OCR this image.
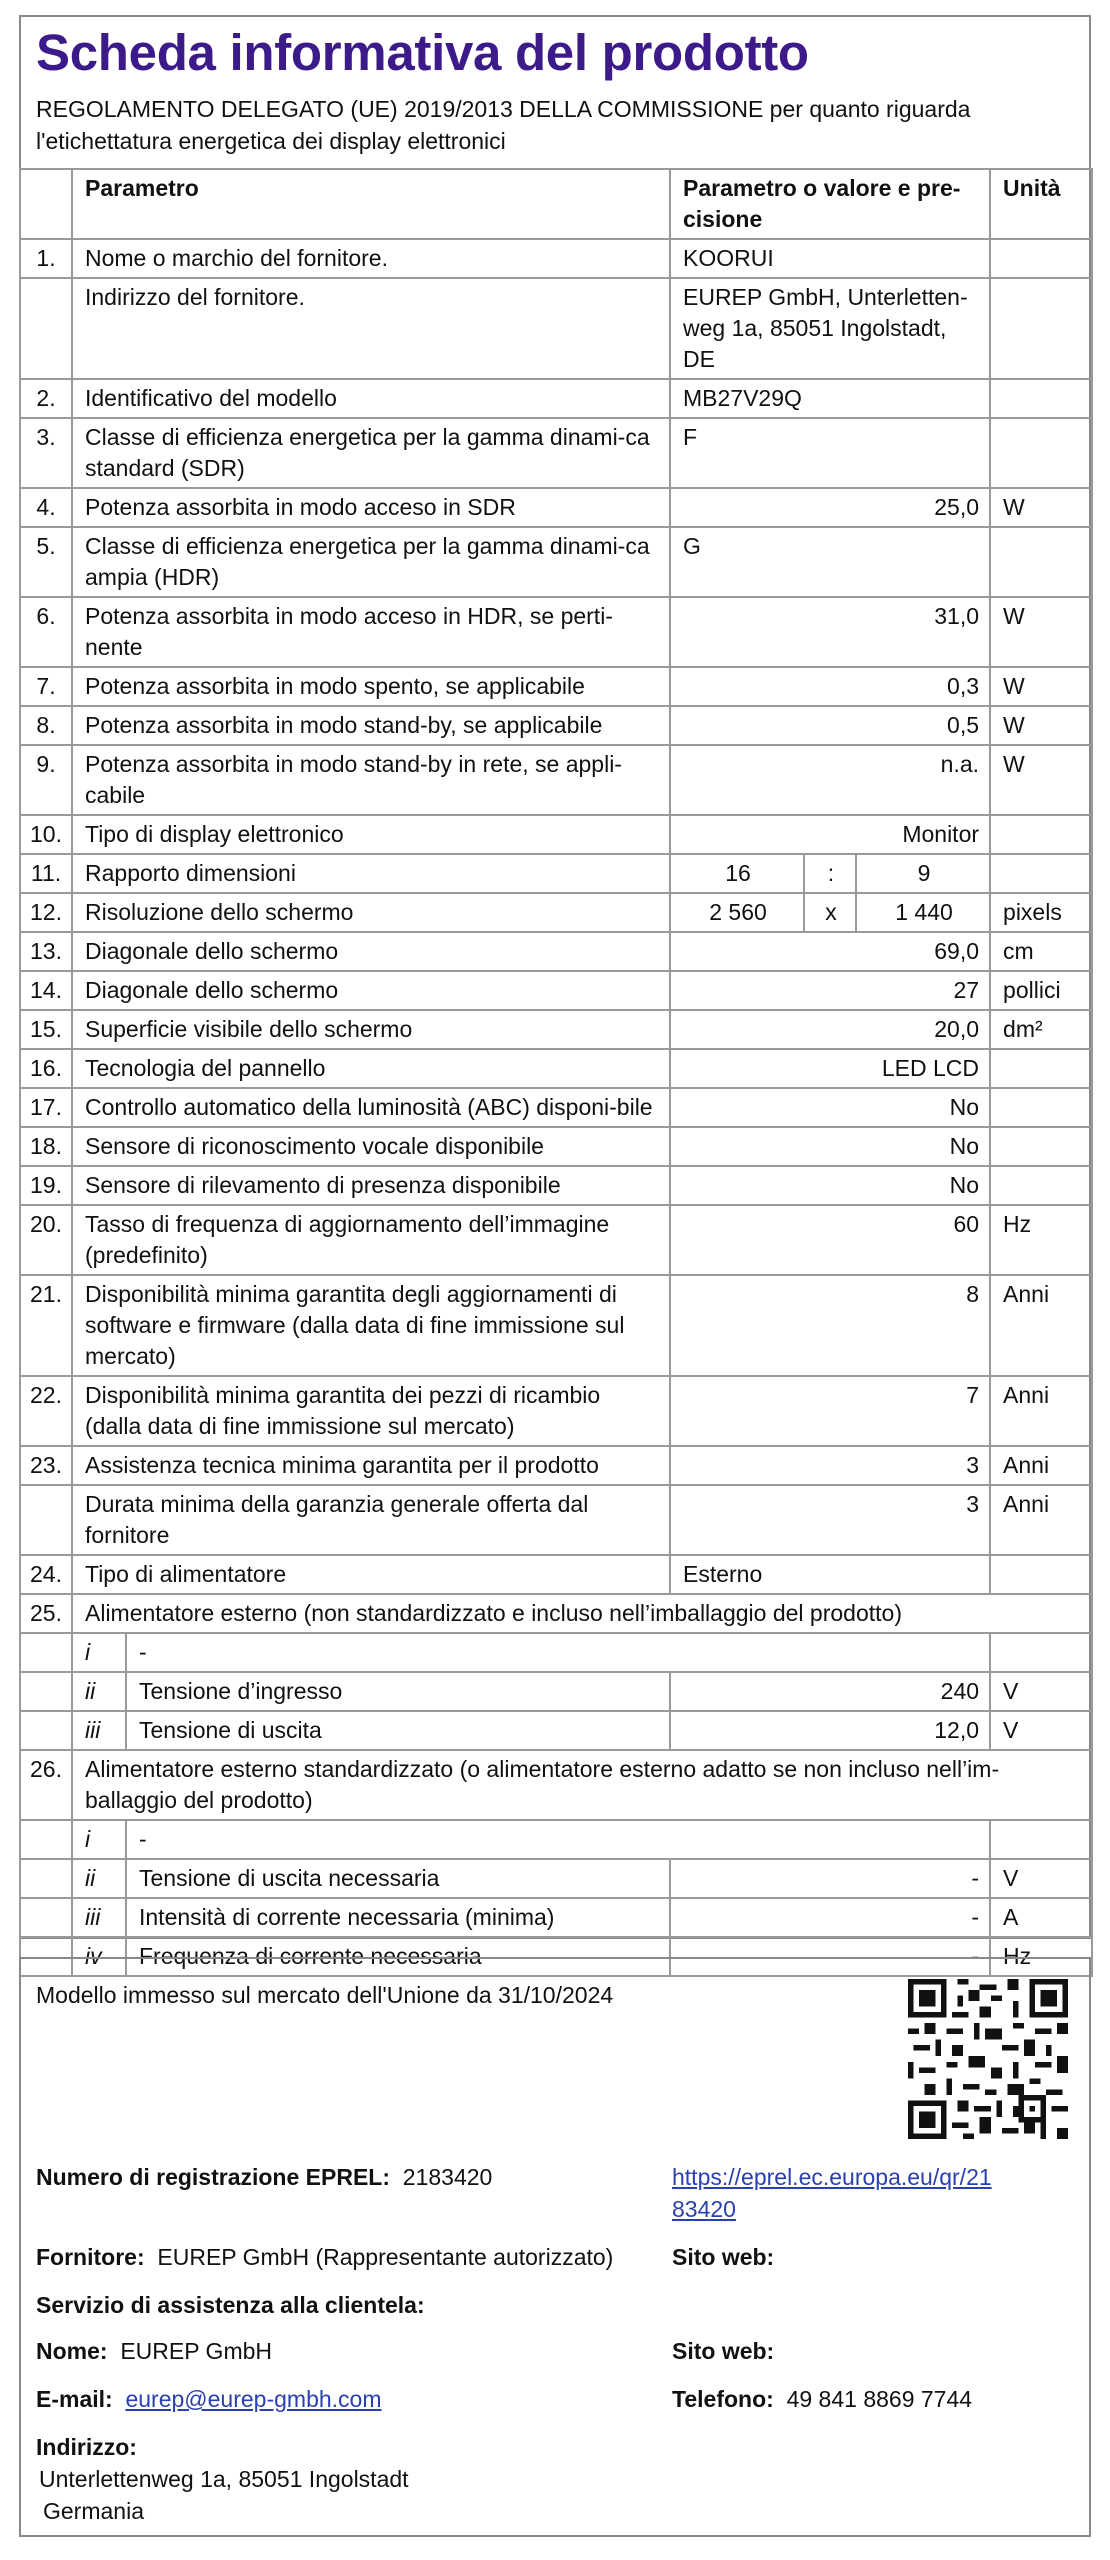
Scheda informativa del prodotto
REGOLAMENTO DELEGATO (UE) 2019/2013 DELLA COMMISSIONE per quanto riguarda l'etichettatura energetica dei display elettronici
	Parametro		Parametro o valore e pre-cisione			Unità
1.	Nome o marchio del fornitore.		KOORUI			
	Indirizzo del fornitore.		EUREP GmbH, Unterletten-weg 1a, 85051 Ingolstadt, DE			
2.	Identificativo del modello		MB27V29Q			
3.	Classe di efficienza energetica per la gamma dinami-ca standard (SDR)		F			
4.	Potenza assorbita in modo acceso in SDR		25,0			W
5.	Classe di efficienza energetica per la gamma dinami-ca ampia (HDR)		G			
6.	Potenza assorbita in modo acceso in HDR, se perti-nente		31,0			W
7.	Potenza assorbita in modo spento, se applicabile		0,3			W
8.	Potenza assorbita in modo stand-by, se applicabile		0,5			W
9.	Potenza assorbita in modo stand-by in rete, se appli-cabile		n.a.			W
10.	Tipo di display elettronico		Monitor			
11.	Rapporto dimensioni		16	:	9	
12.	Risoluzione dello schermo		2 560	x	1 440	pixels
13.	Diagonale dello schermo		69,0			cm
14.	Diagonale dello schermo		27			pollici
15.	Superficie visibile dello schermo		20,0			dm²
16.	Tecnologia del pannello		LED LCD			
17.	Controllo automatico della luminosità (ABC) disponi-bile		No			
18.	Sensore di riconoscimento vocale disponibile		No			
19.	Sensore di rilevamento di presenza disponibile		No			
20.	Tasso di frequenza di aggiornamento dell’immagine (predefinito)		60			Hz
21.	Disponibilità minima garantita degli aggiornamenti di software e firmware (dalla data di fine immissione sul mercato)		8			Anni
22.	Disponibilità minima garantita dei pezzi di ricambio (dalla data di fine immissione sul mercato)		7			Anni
23.	Assistenza tecnica minima garantita per il prodotto		3			Anni
	Durata minima della garanzia generale offerta dal fornitore		3			Anni
24.	Tipo di alimentatore		Esterno			
25.	Alimentatore esterno (non standardizzato e incluso nell’imballaggio del prodotto)					
	i	-				
	ii	Tensione d’ingresso	240			V
	iii	Tensione di uscita	12,0			V
26.	Alimentatore esterno standardizzato (o alimentatore esterno adatto se non incluso nell’im-ballaggio del prodotto)					
	i	-				
	ii	Tensione di uscita necessaria	-			V
	iii	Intensità di corrente necessaria (minima)	-			A
	iv	Frequenza di corrente necessaria	-			Hz
Modello immesso sul mercato dell'Unione da 31/10/2024
Numero di registrazione EPREL: 2183420	https://eprel.ec.europa.eu/qr/21
83420
Fornitore: EUREP GmbH (Rappresentante autorizzato)	Sito web:
Servizio di assistenza alla clientela:
Nome: EUREP GmbH	Sito web:
E-mail: eurep@eurep-gmbh.com	Telefono: 49 841 8869 7744
Indirizzo:
Unterlettenweg 1a, 85051 Ingolstadt
Germania
